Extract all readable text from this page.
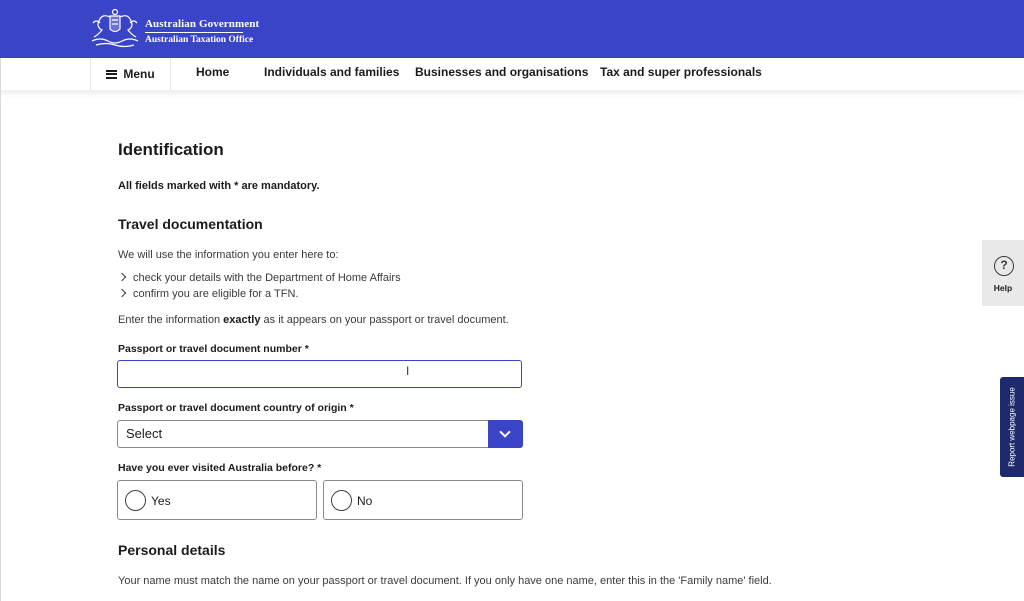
Australian Government
Australian Taxation Office
Menu	Home	Individuals and families Businesses and organisations Tax and super professionals
Identification
All fields marked with * are mandatory.
Travel documentation
We will use the information you enter here to:
check your details with the Department of Home Affairs
confirm you are eligible for a TFN.
Enter the information exactly as it appears on your passport or travel document.
Passport or travel document number *
I
Passport or travel document country of origin *
Select
Have you ever visited Australia before? *
Yes	No
Personal details
Your name must match the name on your passport or travel document. If you only have one name, enter this in the 'Family name' field.
?
Help
Report webpage issue
